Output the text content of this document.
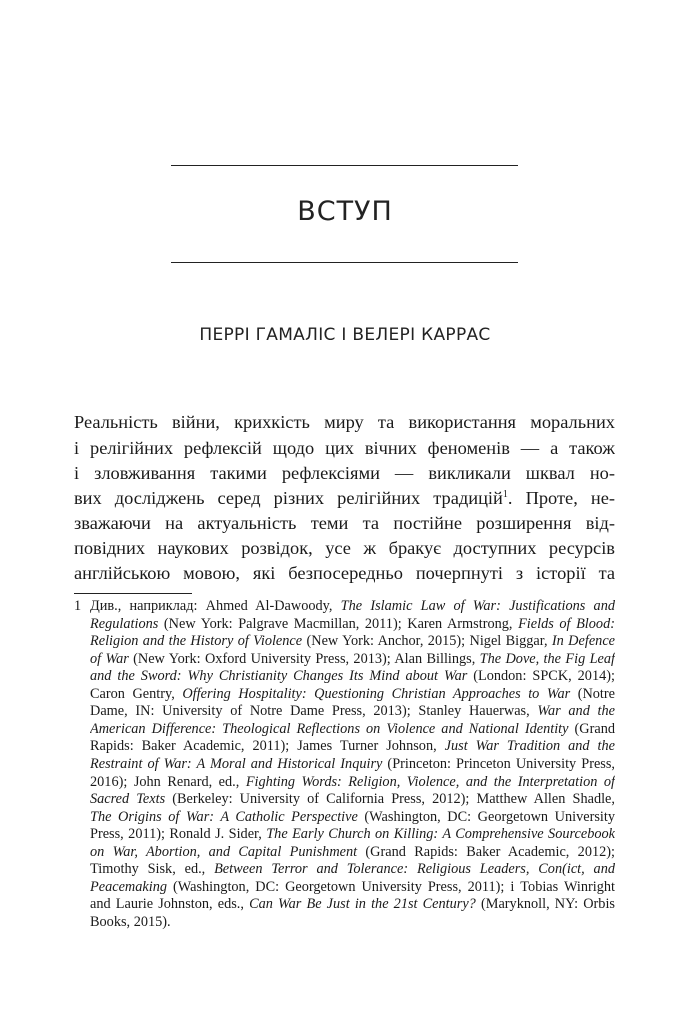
ВСТУП
ПЕРРІ ГАМАЛІС І ВЕЛЕРІ КАРРАС
Реальність війни, крихкість миру та використання моральних
і релігійних рефлексій щодо цих вічних феноменів — а також
і зловживання такими рефлексіями — викликали шквал но-
вих досліджень серед різних релігійних традицій$^1$. Проте, не-
зважаючи на актуальність теми та постійне розширення від-
повідних наукових розвідок, усе ж бракує доступних ресурсів
англійською мовою, які безпосередньо почерпнуті з історії та
1 Див., наприклад: Ahmed Al-Dawoody, The Islamic Law of War: Justifications and
Regulations (New York: Palgrave Macmillan, 2011); Karen Armstrong, Fields of Blood:
Religion and the History of Violence (New York: Anchor, 2015); Nigel Biggar, In Defence
of War (New York: Oxford University Press, 2013); Alan Billings, The Dove, the Fig Leaf
and the Sword: Why Christianity Changes Its Mind about War (London: SPCK, 2014);
Caron Gentry, Offering Hospitality: Questioning Christian Approaches to War (Notre
Dame, IN: University of Notre Dame Press, 2013); Stanley Hauerwas, War and the
American Difference: Theological Reflections on Violence and National Identity (Grand
Rapids: Baker Academic, 2011); James Turner Johnson, Just War Tradition and the
Restraint of War: A Moral and Historical Inquiry (Princeton: Princeton University Press,
2016); John Renard, ed., Fighting Words: Religion, Violence, and the Interpretation of
Sacred Texts (Berkeley: University of California Press, 2012); Matthew Allen Shadle,
The Origins of War: A Catholic Perspective (Washington, DC: Georgetown University
Press, 2011); Ronald J. Sider, The Early Church on Killing: A Comprehensive Sourcebook
on War, Abortion, and Capital Punishment (Grand Rapids: Baker Academic, 2012);
Timothy Sisk, ed., Between Terror and Tolerance: Religious Leaders, Con(ict, and
Peacemaking (Washington, DC: Georgetown University Press, 2011); і Tobias Winright
and Laurie Johnston, eds., Can War Be Just in the 21st Century? (Maryknoll, NY: Orbis
Books, 2015).
